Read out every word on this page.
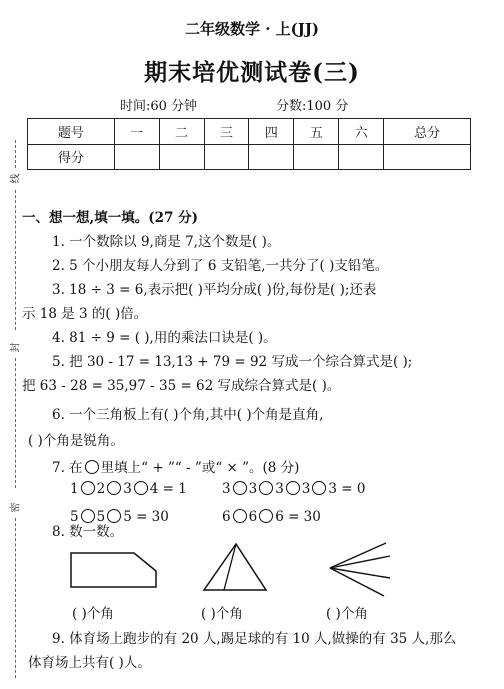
线
封
密
二年级数学 · 上(JJ)
期末培优测试卷(三)
时间:60 分钟	分数:100 分
题号	一	二	三	四	五	六	总分
得分							
一、想一想,填一填。(27 分)
1. 一个数除以 9,商是 7,这个数是( )。
2. 5 个小朋友每人分到了 6 支铅笔,一共分了( )支铅笔。
3. 18 ÷ 3 = 6,表示把( )平均分成( )份,每份是( );还表
示 18 是 3 的( )倍。
4. 81 ÷ 9 = ( ),用的乘法口诀是( )。
5. 把 30 - 17 = 13,13 + 79 = 92 写成一个综合算式是( );
把 63 - 28 = 35,97 - 35 = 62 写成综合算式是( )。
6. 一个三角板上有( )个角,其中( )个角是直角,
( )个角是锐角。
7. 在 里填上“ + ”“ - ”或“ × ”。(8 分)
1 2 3 4 = 1	3 3 3 3 3 = 0
5 5 5 = 30	6 6 6 = 30
8. 数一数。
( )个角	( )个角	( )个角
9. 体育场上跑步的有 20 人,踢足球的有 10 人,做操的有 35 人,那么
体育场上共有( )人。
